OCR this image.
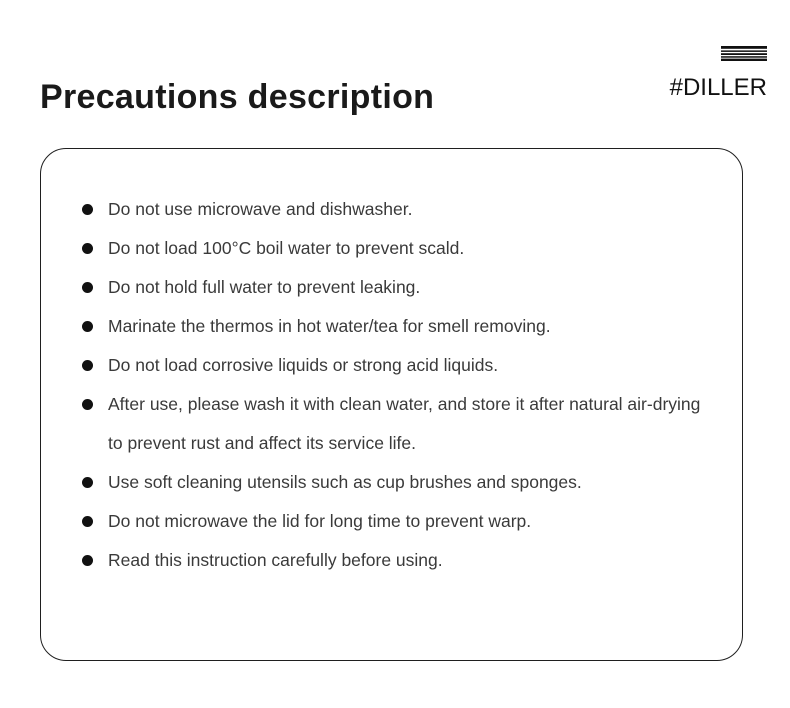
Precautions description	#DILLER
Do not use microwave and dishwasher.
Do not load 100°C boil water to prevent scald.
Do not hold full water to prevent leaking.
Marinate the thermos in hot water/tea for smell removing.
Do not load corrosive liquids or strong acid liquids.
After use, please wash it with clean water, and store it after natural air-drying
to prevent rust and affect its service life.
Use soft cleaning utensils such as cup brushes and sponges.
Do not microwave the lid for long time to prevent warp.
Read this instruction carefully before using.
